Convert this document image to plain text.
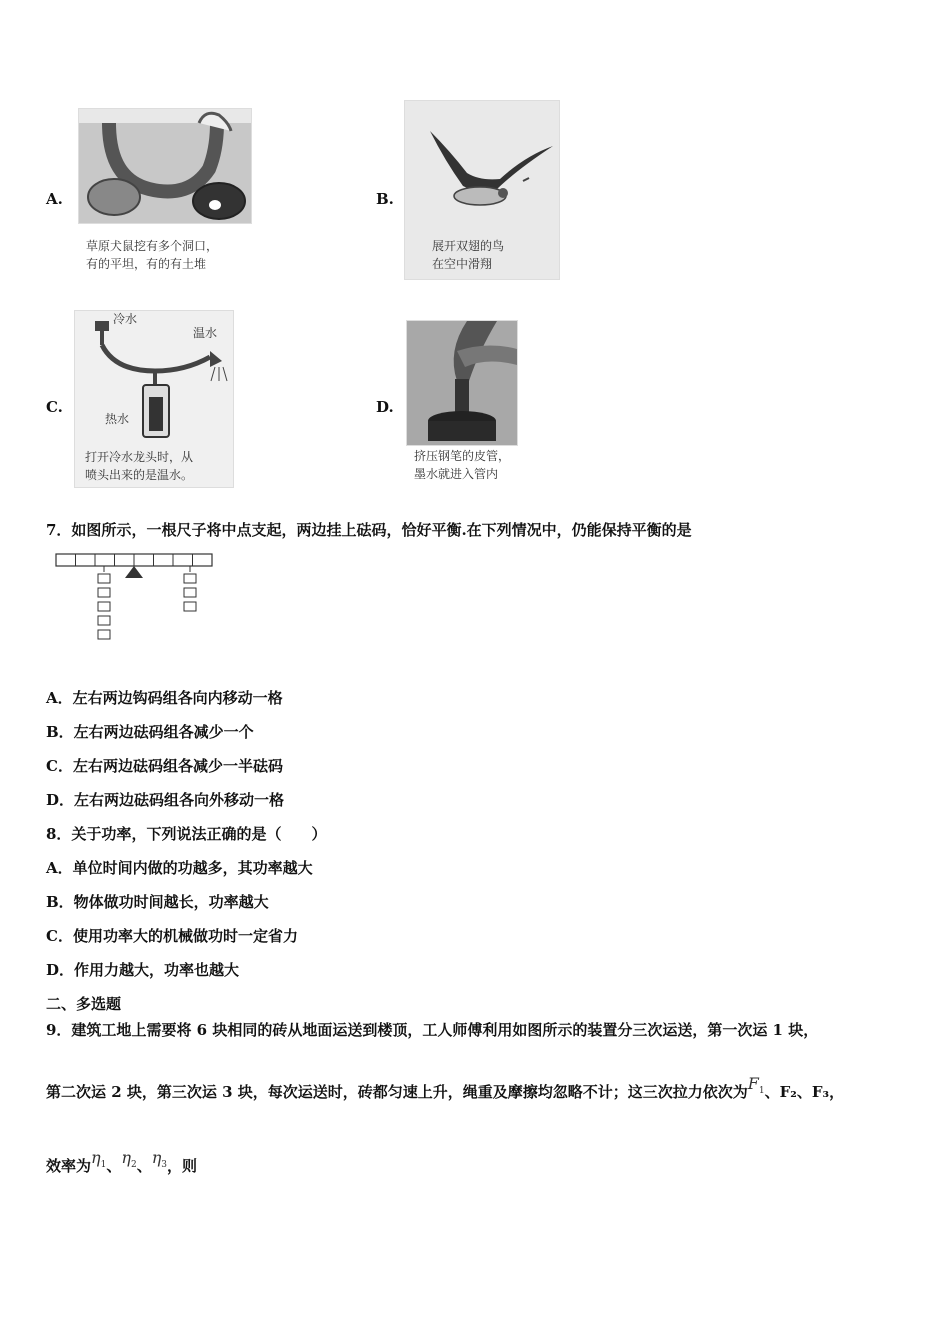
A.
草原犬鼠挖有多个洞口，
有的平坦，有的有土堆
B.
展开双翅的鸟
在空中滑翔
C.
冷水
温水
热水
打开冷水龙头时，从
喷头出来的是温水。
D.
挤压钢笔的皮管，
墨水就进入管内
7．如图所示，一根尺子将中点支起，两边挂上砝码，恰好平衡.在下列情况中，仍能保持平衡的是
A．左右两边钩码组各向内移动一格
B．左右两边砝码组各减少一个
C．左右两边砝码组各减少一半砝码
D．左右两边砝码组各向外移动一格
8．关于功率，下列说法正确的是（　　）
A．单位时间内做的功越多，其功率越大
B．物体做功时间越长，功率越大
C．使用功率大的机械做功时一定省力
D．作用力越大，功率也越大
二、多选题
9．建筑工地上需要将 6 块相同的砖从地面运送到楼顶，工人师傅利用如图所示的装置分三次运送，第一次运 1 块，
第二次运 2 块，第三次运 3 块，每次运送时，砖都匀速上升，绳重及摩擦均忽略不计；这三次拉力依次为$F_1$、F₂、F₃，
效率为$\eta_1$、$\eta_2$、$\eta_3$，则
